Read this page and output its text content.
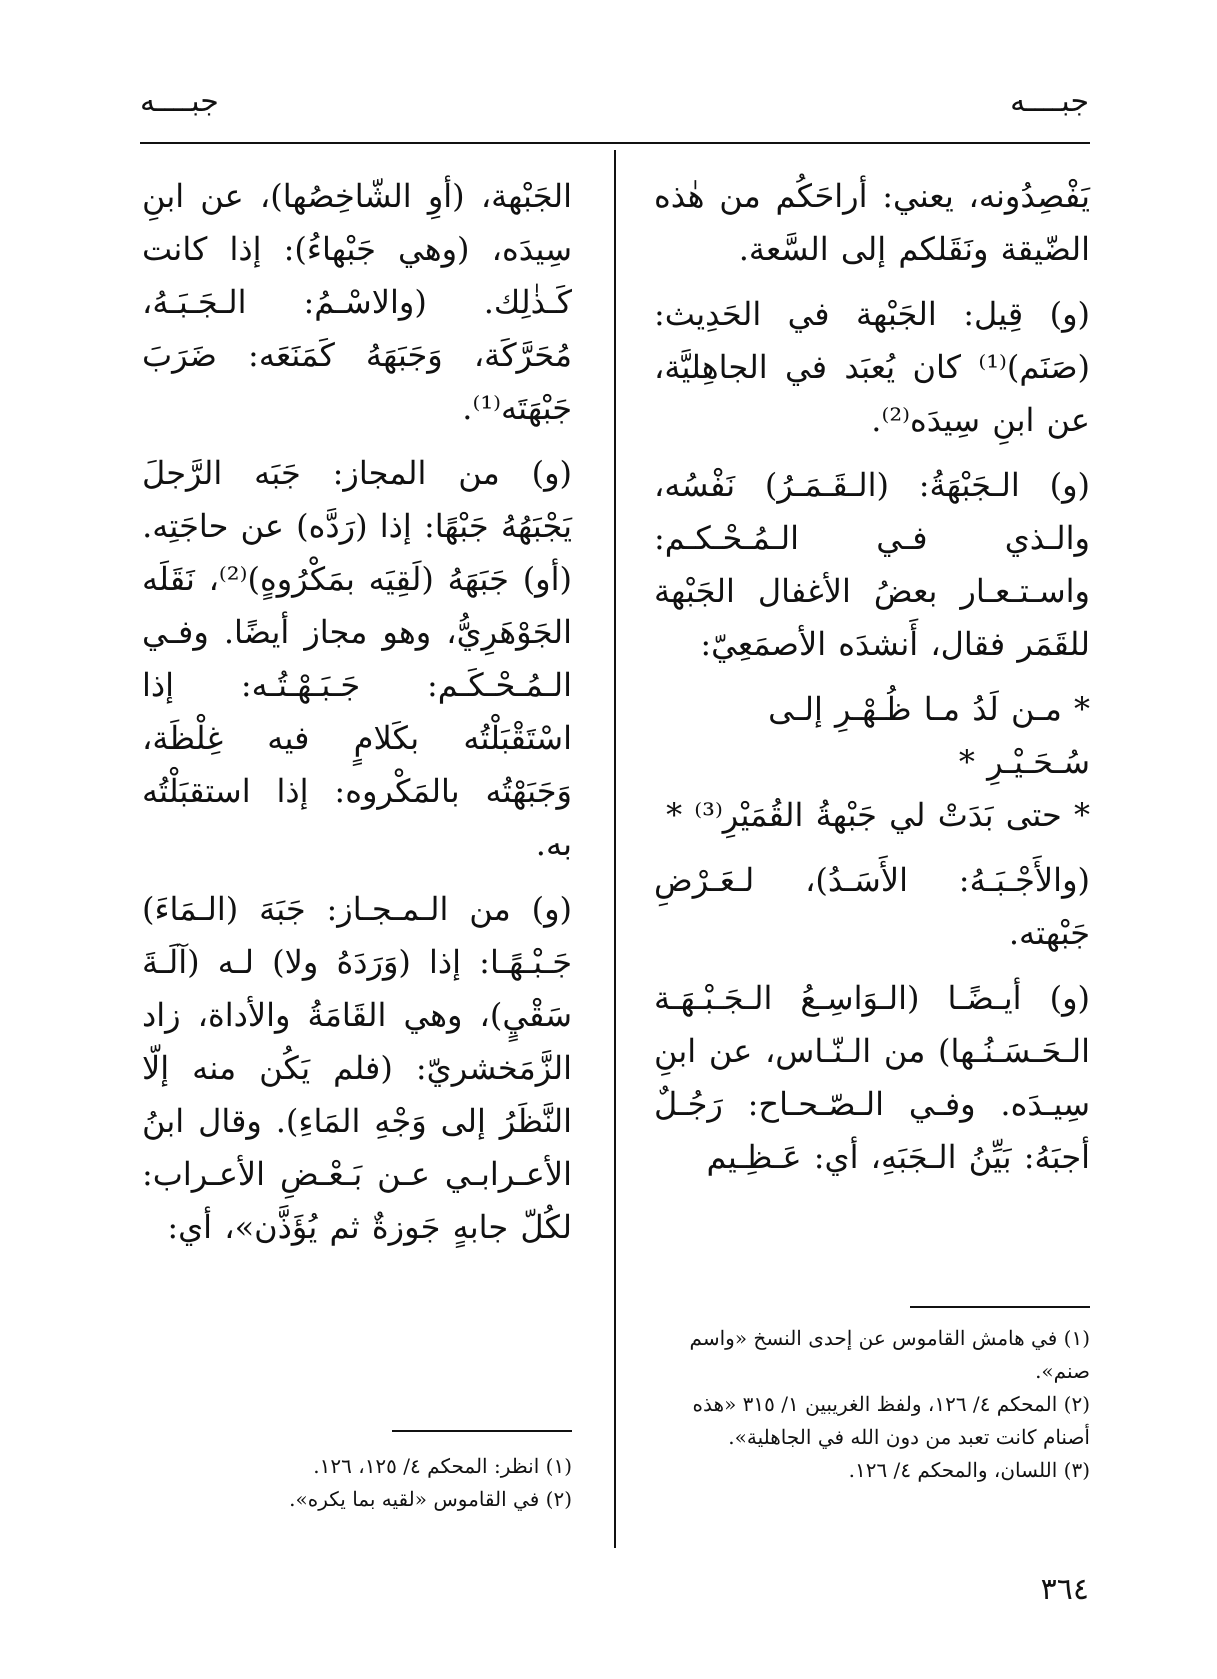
جبــــه
جبــــه

يَفْصِدُونه، يعني: أراحَكُم من هٰذه الضّيقة ونَقَلكم إلى السَّعة.

(و) قِيل: الجَبْهة في الحَدِيث: (صَنَم)⁽¹⁾ كان يُعبَد في الجاهِليَّة، عن ابنِ سِيدَه⁽²⁾.

(و) الـجَبْهَةُ: (الـقَـمَـرُ) نَفْسُه، والـذي فـي الـمُـحْـكـم: واسـتـعـار بعضُ الأغفال الجَبْهة للقَمَر فقال، أَنشدَه الأصمَعِيّ:

* مـن لَدُ مـا ظُـهْـرِ إلـى سُـحَـيْـرِ *

* حتى بَدَتْ لي جَبْهةُ القُمَيْرِ⁽³⁾ *

(والأَجْـبَـهُ: الأَسَـدُ)، لـعَـرْضِ جَبْهته.

(و) أيـضًـا (الـوَاسِـعُ الـجَـبْـهَـة الـحَـسَـنُـها) من الـنّـاس، عن ابنِ سِيـدَه. وفـي الـصّـحـاح: رَجُـلٌ أجبَهُ: بَيِّنُ الـجَبَهِ، أي: عَـظِـيم

(١) في هامش القاموس عن إحدى النسخ «واسم صنم».
(٢) المحكم ٤/ ١٢٦، ولفظ الغريبين ١/ ٣١٥ «هذه أصنام كانت تعبد من دون الله في الجاهلية».
(٣) اللسان، والمحكم ٤/ ١٢٦.

الجَبْهة، (أوِ الشّاخِصُها)، عن ابنِ سِيدَه، (وهي جَبْهاءُ): إذا كانت كَـذٰلِك. (والاسْـمُ: الـجَـبَـهُ، مُحَرَّكَة، وَجَبَهَهُ كَمَنَعَه: ضَرَبَ جَبْهَتَه⁽¹⁾.

(و) من المجاز: جَبَه الرَّجلَ يَجْبَهُهُ جَبْهًا: إذا (رَدَّه) عن حاجَتِه.

(أو) جَبَهَهُ (لَقِيَه بمَكْرُوهٍ)⁽²⁾، نَقَلَه الجَوْهَرِيُّ، وهو مجاز أيضًا. وفـي الـمُـحْـكَـم: جَـبَـهْـتُـه: إذا اسْتَقْبَلْتُه بكَلامٍ فيه غِلْظَة، وَجَبَهْتُه بالمَكْروه: إذا استقبَلْتُه به.

(و) من الـمـجـاز: جَبَهَ (الـمَاءَ) جَـبْـهًـا: إذا (وَرَدَهُ ولا) لـه (آلَـةَ سَقْيٍ)، وهي القَامَةُ والأداة، زاد الزَّمَخشريّ: (فلم يَكُن منه إلّا النَّظَرُ إلى وَجْهِ المَاءِ). وقال ابنُ الأعـرابـي عـن بَـعْـضِ الأعـراب: لكُلّ جابهٍ جَوزةٌ ثم يُؤَذَّن»، أي:

(١) انظر: المحكم ٤/ ١٢٥، ١٢٦.
(٢) في القاموس «لقيه بما يكره».
٣٦٤
